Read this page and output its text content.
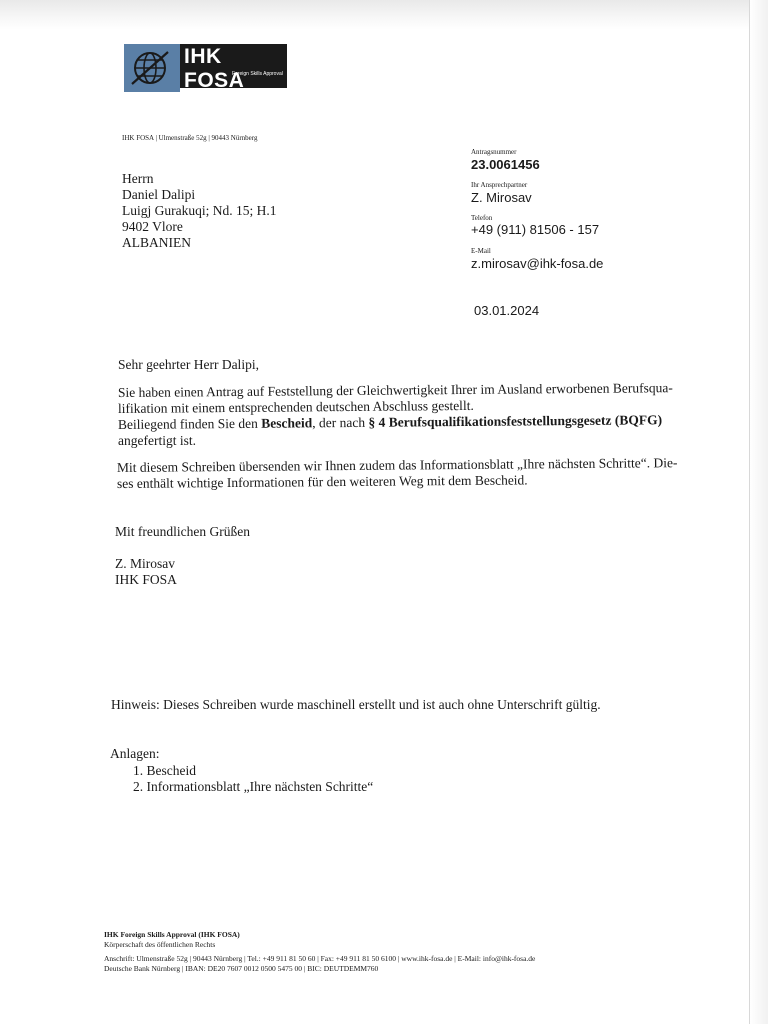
IHK FOSA
Foreign Skills Approval
IHK FOSA | Ulmenstraße 52g | 90443 Nürnberg
Herrn
Daniel Dalipi
Luigj Gurakuqi; Nd. 15; H.1
9402 Vlore
ALBANIEN
Antragsnummer
23.0061456
Ihr Ansprechpartner
Z. Mirosav
Telefon
+49 (911) 81506 - 157
E-Mail
z.mirosav@ihk-fosa.de
03.01.2024
Sehr geehrter Herr Dalipi,
Sie haben einen Antrag auf Feststellung der Gleichwertigkeit Ihrer im Ausland erworbenen Berufsqua-
lifikation mit einem entsprechenden deutschen Abschluss gestellt.
Beiliegend finden Sie den Bescheid, der nach § 4 Berufsqualifikationsfeststellungsgesetz (BQFG)
angefertigt ist.
Mit diesem Schreiben übersenden wir Ihnen zudem das Informationsblatt „Ihre nächsten Schritte“. Die-
ses enthält wichtige Informationen für den weiteren Weg mit dem Bescheid.
Mit freundlichen Grüßen
Z. Mirosav
IHK FOSA
Hinweis: Dieses Schreiben wurde maschinell erstellt und ist auch ohne Unterschrift gültig.
Anlagen:
1. Bescheid
2. Informationsblatt „Ihre nächsten Schritte“
IHK Foreign Skills Approval (IHK FOSA)
Körperschaft des öffentlichen Rechts
Anschrift: Ulmenstraße 52g | 90443 Nürnberg | Tel.: +49 911 81 50 60 | Fax: +49 911 81 50 6100 | www.ihk-fosa.de | E-Mail: info@ihk-fosa.de
Deutsche Bank Nürnberg | IBAN: DE20 7607 0012 0500 5475 00 | BIC: DEUTDEMM760
